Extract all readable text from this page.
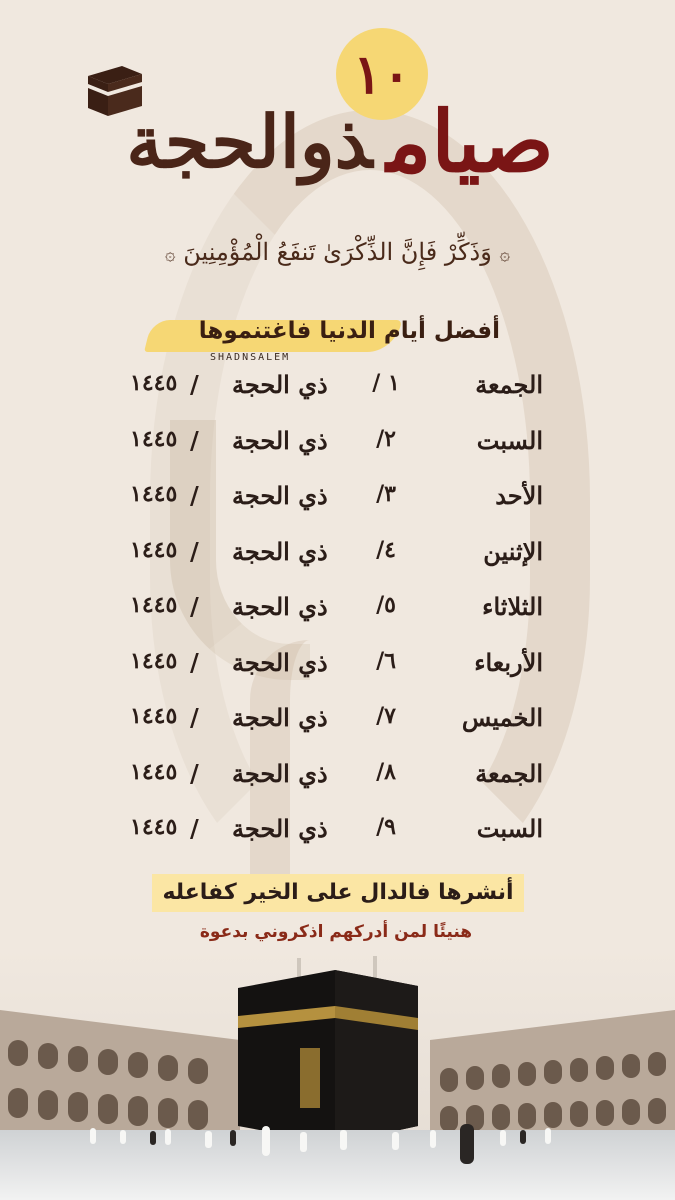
١٠
صيامذوالحجة
۞ وَذَكِّرْ فَإِنَّ الذِّكْرَىٰ تَنفَعُ الْمُؤْمِنِينَ ۞
أفضل أيام الدنيا فاغتنموها
SHADNSALEM
الجمعة
١ /
ذي الحجة
/
١٤٤٥
السبت
٢/
ذي الحجة
/
١٤٤٥
الأحد
٣/
ذي الحجة
/
١٤٤٥
الإثنين
٤/
ذي الحجة
/
١٤٤٥
الثلاثاء
٥/
ذي الحجة
/
١٤٤٥
الأربعاء
٦/
ذي الحجة
/
١٤٤٥
الخميس
٧/
ذي الحجة
/
١٤٤٥
الجمعة
٨/
ذي الحجة
/
١٤٤٥
السبت
٩/
ذي الحجة
/
١٤٤٥
أنشرها فالدال على الخير كفاعله
هنيئًا لمن أدركهم اذكروني بدعوة
